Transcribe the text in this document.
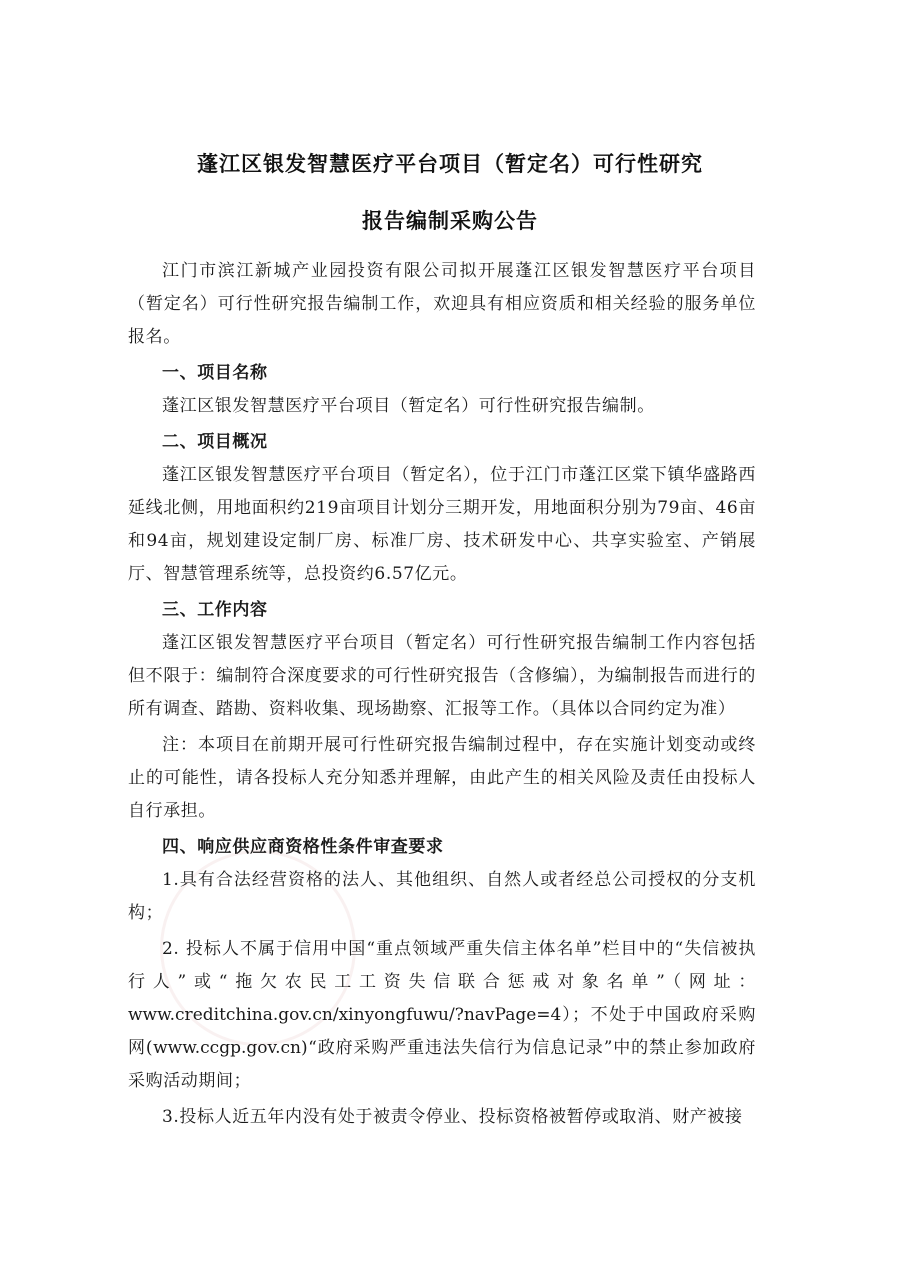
蓬江区银发智慧医疗平台项目（暂定名）可行性研究
报告编制采购公告

江门市滨江新城产业园投资有限公司拟开展蓬江区银发智慧医疗平台项目（暂定名）可行性研究报告编制工作，欢迎具有相应资质和相关经验的服务单位报名。

一、项目名称

蓬江区银发智慧医疗平台项目（暂定名）可行性研究报告编制。

二、项目概况

蓬江区银发智慧医疗平台项目（暂定名），位于江门市蓬江区棠下镇华盛路西延线北侧，用地面积约219亩项目计划分三期开发，用地面积分别为79亩、46亩和94亩，规划建设定制厂房、标准厂房、技术研发中心、共享实验室、产销展厅、智慧管理系统等，总投资约6.57亿元。

三、工作内容

蓬江区银发智慧医疗平台项目（暂定名）可行性研究报告编制工作内容包括但不限于：编制符合深度要求的可行性研究报告（含修编），为编制报告而进行的所有调查、踏勘、资料收集、现场勘察、汇报等工作。（具体以合同约定为准）

注：本项目在前期开展可行性研究报告编制过程中，存在实施计划变动或终止的可能性，请各投标人充分知悉并理解，由此产生的相关风险及责任由投标人自行承担。

四、响应供应商资格性条件审查要求

1.具有合法经营资格的法人、其他组织、自然人或者经总公司授权的分支机构；

2. 投标人不属于信用中国“重点领域严重失信主体名单”栏目中的“失信被执行人”或“拖欠农民工工资失信联合惩戒对象名单”（网址：www.creditchina.gov.cn/xinyongfuwu/?navPage=4）；不处于中国政府采购网(www.ccgp.gov.cn)“政府采购严重违法失信行为信息记录”中的禁止参加政府采购活动期间；

3.投标人近五年内没有处于被责令停业、投标资格被暂停或取消、财产被接
